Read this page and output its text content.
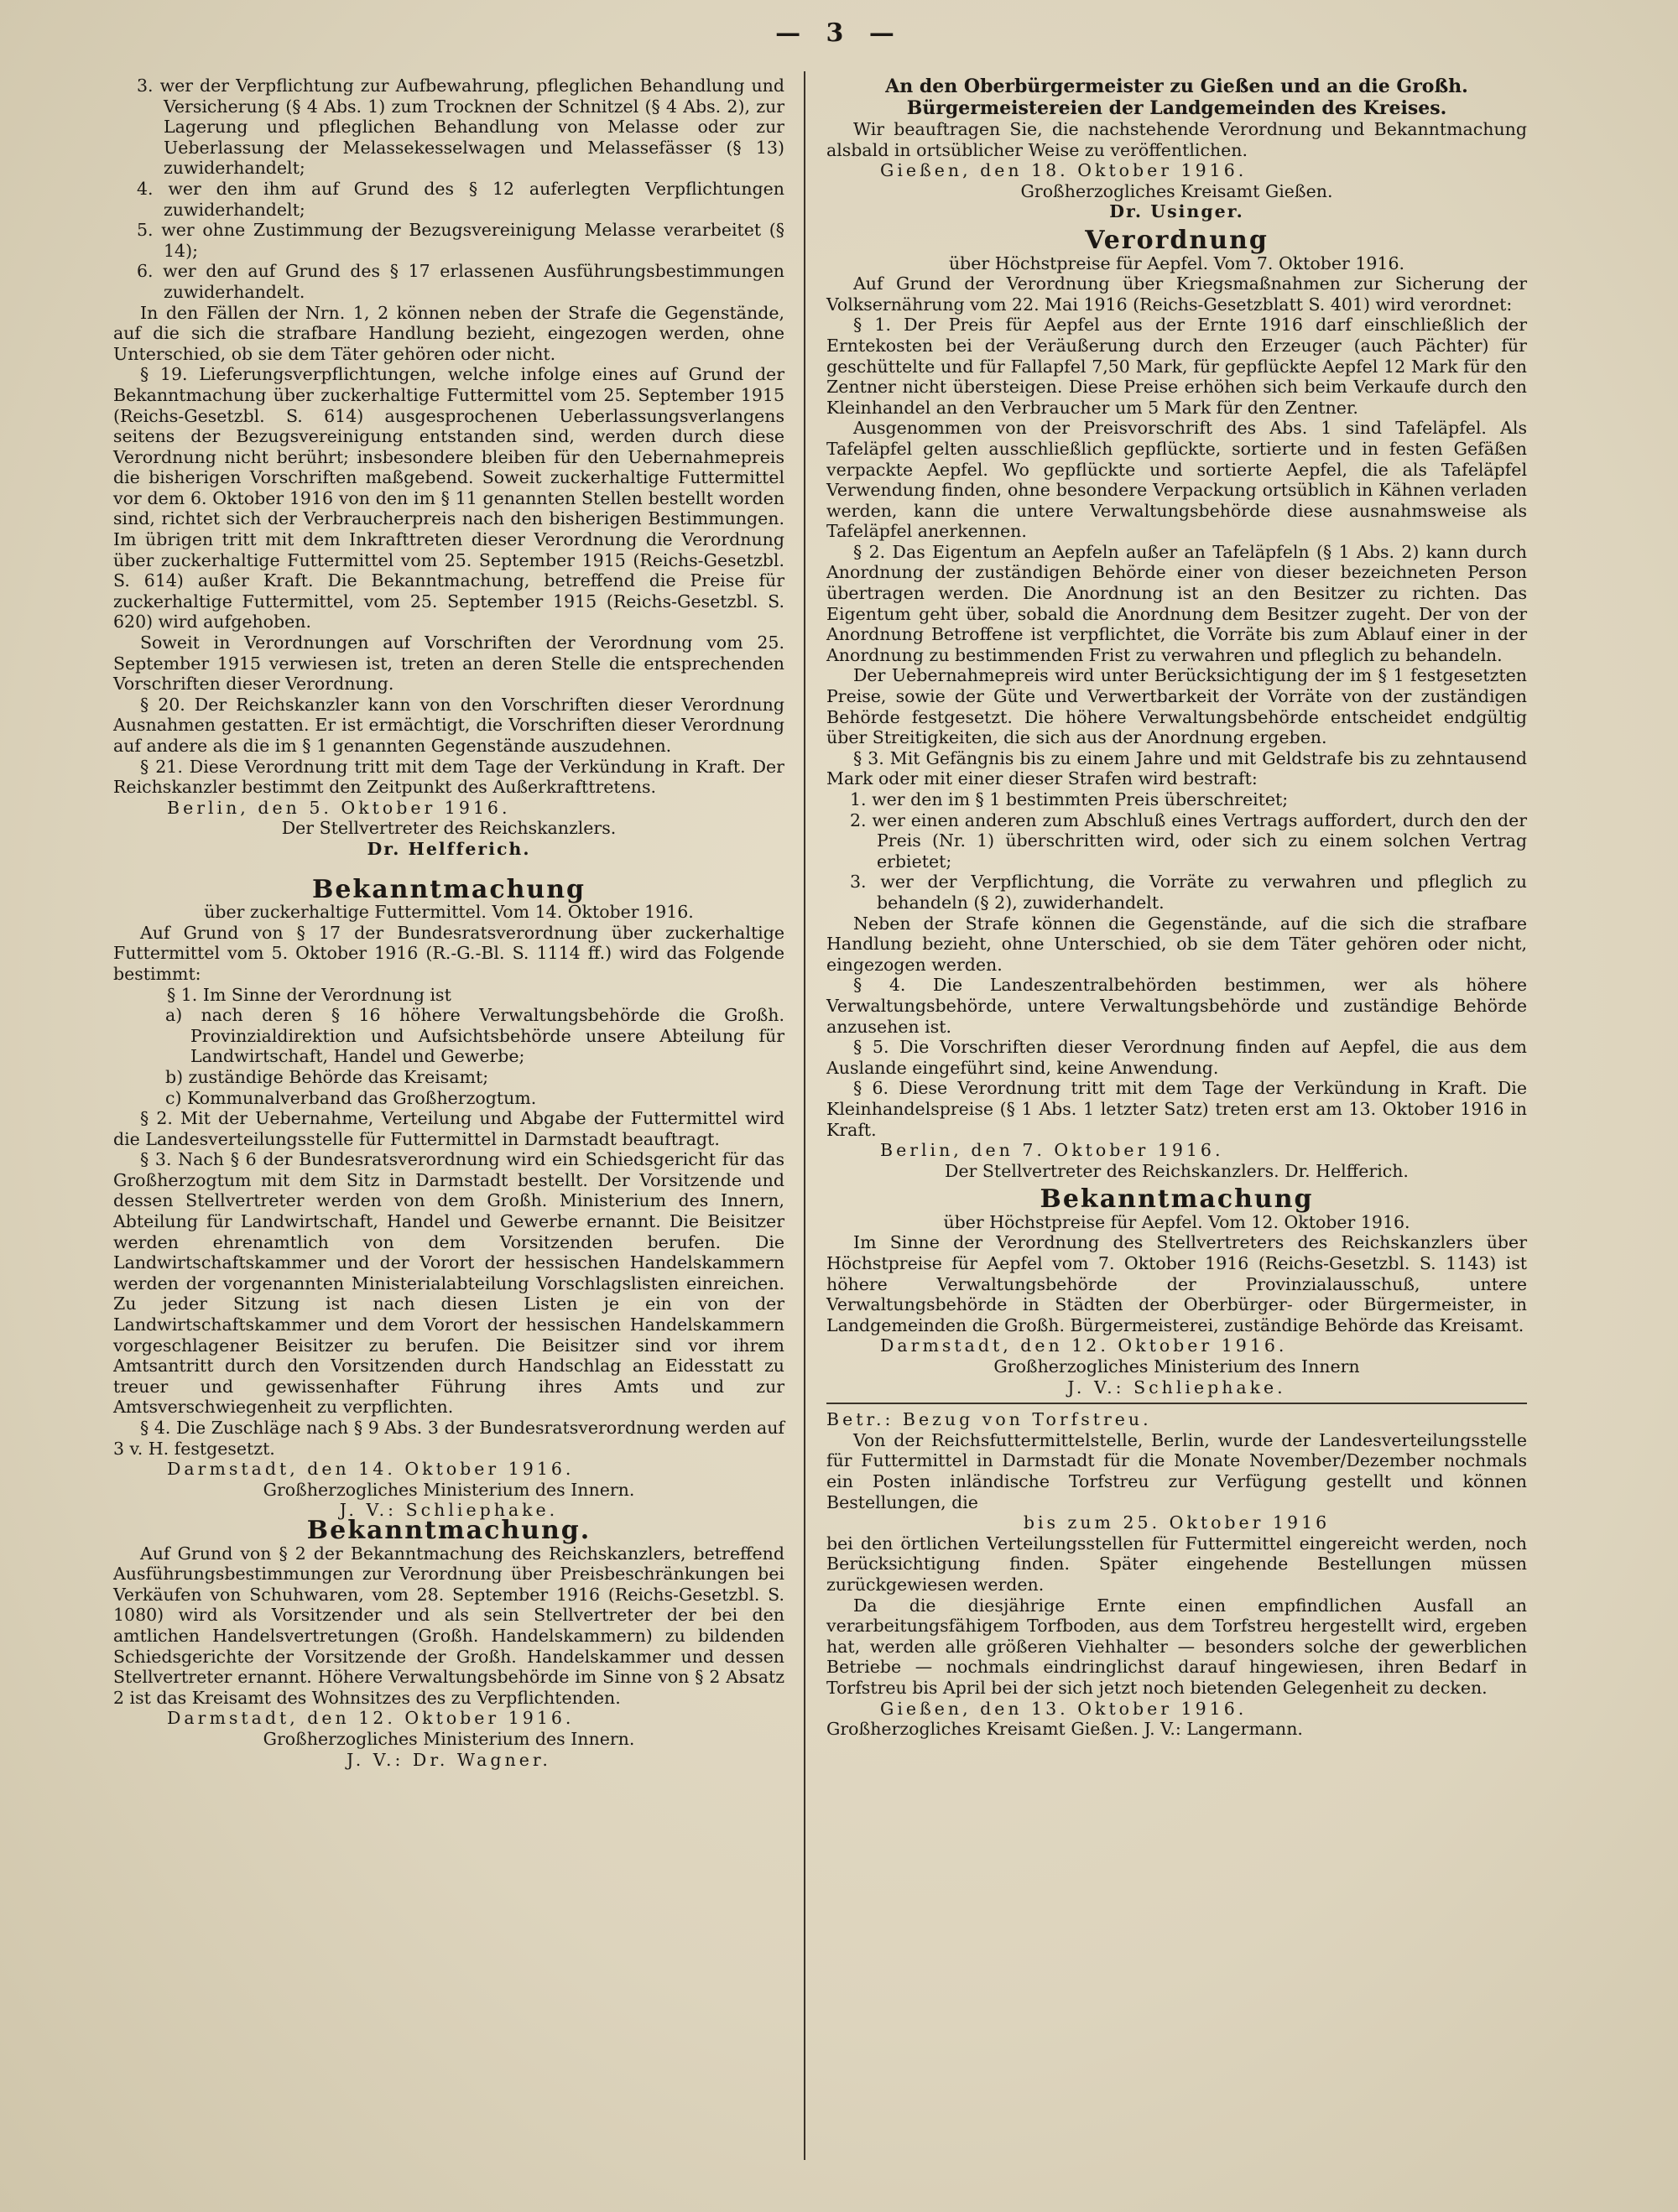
— 3 —

3. wer der Verpflichtung zur Aufbewahrung, pfleglichen Behandlung und Versicherung (§ 4 Abs. 1) zum Trocknen der Schnitzel (§ 4 Abs. 2), zur Lagerung und pfleglichen Behandlung von Melasse oder zur Ueberlassung der Melassekesselwagen und Melassefässer (§ 13) zuwiderhandelt;

4. wer den ihm auf Grund des § 12 auferlegten Verpflichtungen zuwiderhandelt;

5. wer ohne Zustimmung der Bezugsvereinigung Melasse verarbeitet (§ 14);

6. wer den auf Grund des § 17 erlassenen Ausführungsbestimmungen zuwiderhandelt.

In den Fällen der Nrn. 1, 2 können neben der Strafe die Gegenstände, auf die sich die strafbare Handlung bezieht, eingezogen werden, ohne Unterschied, ob sie dem Täter gehören oder nicht.

§ 19. Lieferungsverpflichtungen, welche infolge eines auf Grund der Bekanntmachung über zuckerhaltige Futtermittel vom 25. September 1915 (Reichs-Gesetzbl. S. 614) ausgesprochenen Ueberlassungsverlangens seitens der Bezugsvereinigung entstanden sind, werden durch diese Verordnung nicht berührt; insbesondere bleiben für den Uebernahmepreis die bisherigen Vorschriften maßgebend. Soweit zuckerhaltige Futtermittel vor dem 6. Oktober 1916 von den im § 11 genannten Stellen bestellt worden sind, richtet sich der Verbraucherpreis nach den bisherigen Bestimmungen. Im übrigen tritt mit dem Inkrafttreten dieser Verordnung die Verordnung über zuckerhaltige Futtermittel vom 25. September 1915 (Reichs-Gesetzbl. S. 614) außer Kraft. Die Bekanntmachung, betreffend die Preise für zuckerhaltige Futtermittel, vom 25. September 1915 (Reichs-Gesetzbl. S. 620) wird aufgehoben.

Soweit in Verordnungen auf Vorschriften der Verordnung vom 25. September 1915 verwiesen ist, treten an deren Stelle die entsprechenden Vorschriften dieser Verordnung.

§ 20. Der Reichskanzler kann von den Vorschriften dieser Verordnung Ausnahmen gestatten. Er ist ermächtigt, die Vorschriften dieser Verordnung auf andere als die im § 1 genannten Gegenstände auszudehnen.

§ 21. Diese Verordnung tritt mit dem Tage der Verkündung in Kraft. Der Reichskanzler bestimmt den Zeitpunkt des Außerkrafttretens.

Berlin, den 5. Oktober 1916.

Der Stellvertreter des Reichskanzlers.

Dr. Helfferich.

Bekanntmachung

über zuckerhaltige Futtermittel. Vom 14. Oktober 1916.

Auf Grund von § 17 der Bundesratsverordnung über zuckerhaltige Futtermittel vom 5. Oktober 1916 (R.-G.-Bl. S. 1114 ff.) wird das Folgende bestimmt:

§ 1. Im Sinne der Verordnung ist

a) nach deren § 16 höhere Verwaltungsbehörde die Großh. Provinzialdirektion und Aufsichtsbehörde unsere Abteilung für Landwirtschaft, Handel und Gewerbe;

b) zuständige Behörde das Kreisamt;

c) Kommunalverband das Großherzogtum.

§ 2. Mit der Uebernahme, Verteilung und Abgabe der Futtermittel wird die Landesverteilungsstelle für Futtermittel in Darmstadt beauftragt.

§ 3. Nach § 6 der Bundesratsverordnung wird ein Schiedsgericht für das Großherzogtum mit dem Sitz in Darmstadt bestellt. Der Vorsitzende und dessen Stellvertreter werden von dem Großh. Ministerium des Innern, Abteilung für Landwirtschaft, Handel und Gewerbe ernannt. Die Beisitzer werden ehrenamtlich von dem Vorsitzenden berufen. Die Landwirtschaftskammer und der Vorort der hessischen Handelskammern werden der vorgenannten Ministerialabteilung Vorschlagslisten einreichen. Zu jeder Sitzung ist nach diesen Listen je ein von der Landwirtschaftskammer und dem Vorort der hessischen Handelskammern vorgeschlagener Beisitzer zu berufen. Die Beisitzer sind vor ihrem Amtsantritt durch den Vorsitzenden durch Handschlag an Eidesstatt zu treuer und gewissenhafter Führung ihres Amts und zur Amtsverschwiegenheit zu verpflichten.

§ 4. Die Zuschläge nach § 9 Abs. 3 der Bundesratsverordnung werden auf 3 v. H. festgesetzt.

Darmstadt, den 14. Oktober 1916.

Großherzogliches Ministerium des Innern.

J. V.: Schliephake.

Bekanntmachung.

Auf Grund von § 2 der Bekanntmachung des Reichskanzlers, betreffend Ausführungsbestimmungen zur Verordnung über Preisbeschränkungen bei Verkäufen von Schuhwaren, vom 28. September 1916 (Reichs-Gesetzbl. S. 1080) wird als Vorsitzender und als sein Stellvertreter der bei den amtlichen Handelsvertretungen (Großh. Handelskammern) zu bildenden Schiedsgerichte der Vorsitzende der Großh. Handelskammer und dessen Stellvertreter ernannt. Höhere Verwaltungsbehörde im Sinne von § 2 Absatz 2 ist das Kreisamt des Wohnsitzes des zu Verpflichtenden.

Darmstadt, den 12. Oktober 1916.

Großherzogliches Ministerium des Innern.

J. V.: Dr. Wagner.

An den Oberbürgermeister zu Gießen und an die Großh.
Bürgermeistereien der Landgemeinden des Kreises.

Wir beauftragen Sie, die nachstehende Verordnung und Bekanntmachung alsbald in ortsüblicher Weise zu veröffentlichen.

Gießen, den 18. Oktober 1916.

Großherzogliches Kreisamt Gießen.

Dr. Usinger.

Verordnung

über Höchstpreise für Aepfel. Vom 7. Oktober 1916.

Auf Grund der Verordnung über Kriegsmaßnahmen zur Sicherung der Volksernährung vom 22. Mai 1916 (Reichs-Gesetzblatt S. 401) wird verordnet:

§ 1. Der Preis für Aepfel aus der Ernte 1916 darf einschließlich der Erntekosten bei der Veräußerung durch den Erzeuger (auch Pächter) für geschüttelte und für Fallapfel 7,50 Mark, für gepflückte Aepfel 12 Mark für den Zentner nicht übersteigen. Diese Preise erhöhen sich beim Verkaufe durch den Kleinhandel an den Verbraucher um 5 Mark für den Zentner.

Ausgenommen von der Preisvorschrift des Abs. 1 sind Tafeläpfel. Als Tafeläpfel gelten ausschließlich gepflückte, sortierte und in festen Gefäßen verpackte Aepfel. Wo gepflückte und sortierte Aepfel, die als Tafeläpfel Verwendung finden, ohne besondere Verpackung ortsüblich in Kähnen verladen werden, kann die untere Verwaltungsbehörde diese ausnahmsweise als Tafeläpfel anerkennen.

§ 2. Das Eigentum an Aepfeln außer an Tafeläpfeln (§ 1 Abs. 2) kann durch Anordnung der zuständigen Behörde einer von dieser bezeichneten Person übertragen werden. Die Anordnung ist an den Besitzer zu richten. Das Eigentum geht über, sobald die Anordnung dem Besitzer zugeht. Der von der Anordnung Betroffene ist verpflichtet, die Vorräte bis zum Ablauf einer in der Anordnung zu bestimmenden Frist zu verwahren und pfleglich zu behandeln.

Der Uebernahmepreis wird unter Berücksichtigung der im § 1 festgesetzten Preise, sowie der Güte und Verwertbarkeit der Vorräte von der zuständigen Behörde festgesetzt. Die höhere Verwaltungsbehörde entscheidet endgültig über Streitigkeiten, die sich aus der Anordnung ergeben.

§ 3. Mit Gefängnis bis zu einem Jahre und mit Geldstrafe bis zu zehntausend Mark oder mit einer dieser Strafen wird bestraft:

1. wer den im § 1 bestimmten Preis überschreitet;

2. wer einen anderen zum Abschluß eines Vertrags auffordert, durch den der Preis (Nr. 1) überschritten wird, oder sich zu einem solchen Vertrag erbietet;

3. wer der Verpflichtung, die Vorräte zu verwahren und pfleglich zu behandeln (§ 2), zuwiderhandelt.

Neben der Strafe können die Gegenstände, auf die sich die strafbare Handlung bezieht, ohne Unterschied, ob sie dem Täter gehören oder nicht, eingezogen werden.

§ 4. Die Landeszentralbehörden bestimmen, wer als höhere Verwaltungsbehörde, untere Verwaltungsbehörde und zuständige Behörde anzusehen ist.

§ 5. Die Vorschriften dieser Verordnung finden auf Aepfel, die aus dem Auslande eingeführt sind, keine Anwendung.

§ 6. Diese Verordnung tritt mit dem Tage der Verkündung in Kraft. Die Kleinhandelspreise (§ 1 Abs. 1 letzter Satz) treten erst am 13. Oktober 1916 in Kraft.

Berlin, den 7. Oktober 1916.

Der Stellvertreter des Reichskanzlers. Dr. Helfferich.

Bekanntmachung

über Höchstpreise für Aepfel. Vom 12. Oktober 1916.

Im Sinne der Verordnung des Stellvertreters des Reichskanzlers über Höchstpreise für Aepfel vom 7. Oktober 1916 (Reichs-Gesetzbl. S. 1143) ist höhere Verwaltungsbehörde der Provinzialausschuß, untere Verwaltungsbehörde in Städten der Oberbürger- oder Bürgermeister, in Landgemeinden die Großh. Bürgermeisterei, zuständige Behörde das Kreisamt.

Darmstadt, den 12. Oktober 1916.

Großherzogliches Ministerium des Innern

J. V.: Schliephake.

Betr.: Bezug von Torfstreu.

Von der Reichsfuttermittelstelle, Berlin, wurde der Landesverteilungsstelle für Futtermittel in Darmstadt für die Monate November/Dezember nochmals ein Posten inländische Torfstreu zur Verfügung gestellt und können Bestellungen, die

bis zum 25. Oktober 1916

bei den örtlichen Verteilungsstellen für Futtermittel eingereicht werden, noch Berücksichtigung finden. Später eingehende Bestellungen müssen zurückgewiesen werden.

Da die diesjährige Ernte einen empfindlichen Ausfall an verarbeitungsfähigem Torfboden, aus dem Torfstreu hergestellt wird, ergeben hat, werden alle größeren Viehhalter — besonders solche der gewerblichen Betriebe — nochmals eindringlichst darauf hingewiesen, ihren Bedarf in Torfstreu bis April bei der sich jetzt noch bietenden Gelegenheit zu decken.

Gießen, den 13. Oktober 1916.

Großherzogliches Kreisamt Gießen. J. V.: Langermann.
